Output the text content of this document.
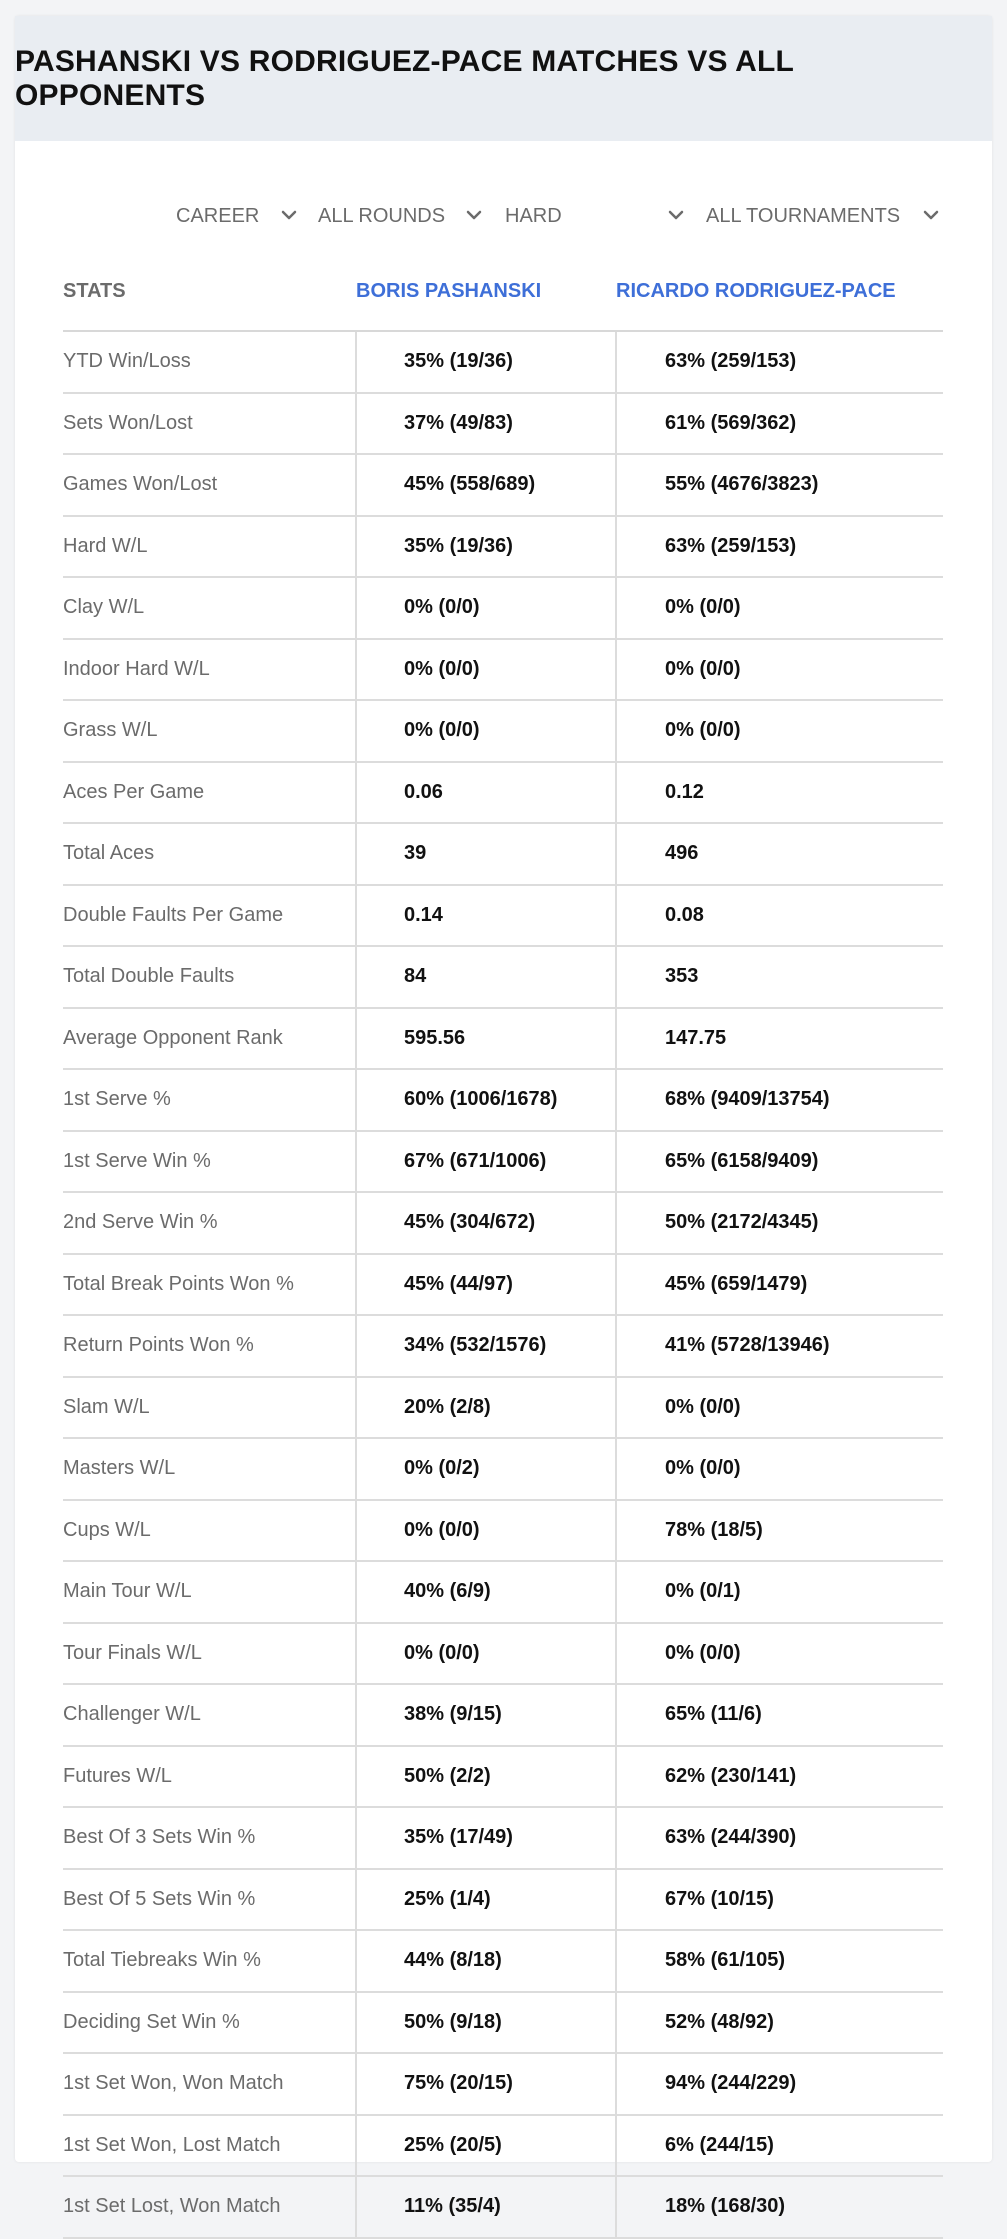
PASHANSKI VS RODRIGUEZ-PACE MATCHES VS ALL OPPONENTS
CAREER	ALL ROUNDS	HARD	ALL TOURNAMENTS
STATS	BORIS PASHANSKI	RICARDO RODRIGUEZ-PACE
YTD Win/Loss	35% (19/36)	63% (259/153)
Sets Won/Lost	37% (49/83)	61% (569/362)
Games Won/Lost	45% (558/689)	55% (4676/3823)
Hard W/L	35% (19/36)	63% (259/153)
Clay W/L	0% (0/0)	0% (0/0)
Indoor Hard W/L	0% (0/0)	0% (0/0)
Grass W/L	0% (0/0)	0% (0/0)
Aces Per Game	0.06	0.12
Total Aces	39	496
Double Faults Per Game	0.14	0.08
Total Double Faults	84	353
Average Opponent Rank	595.56	147.75
1st Serve %	60% (1006/1678)	68% (9409/13754)
1st Serve Win %	67% (671/1006)	65% (6158/9409)
2nd Serve Win %	45% (304/672)	50% (2172/4345)
Total Break Points Won %	45% (44/97)	45% (659/1479)
Return Points Won %	34% (532/1576)	41% (5728/13946)
Slam W/L	20% (2/8)	0% (0/0)
Masters W/L	0% (0/2)	0% (0/0)
Cups W/L	0% (0/0)	78% (18/5)
Main Tour W/L	40% (6/9)	0% (0/1)
Tour Finals W/L	0% (0/0)	0% (0/0)
Challenger W/L	38% (9/15)	65% (11/6)
Futures W/L	50% (2/2)	62% (230/141)
Best Of 3 Sets Win %	35% (17/49)	63% (244/390)
Best Of 5 Sets Win %	25% (1/4)	67% (10/15)
Total Tiebreaks Win %	44% (8/18)	58% (61/105)
Deciding Set Win %	50% (9/18)	52% (48/92)
1st Set Won, Won Match	75% (20/15)	94% (244/229)
1st Set Won, Lost Match	25% (20/5)	6% (244/15)
1st Set Lost, Won Match	11% (35/4)	18% (168/30)
